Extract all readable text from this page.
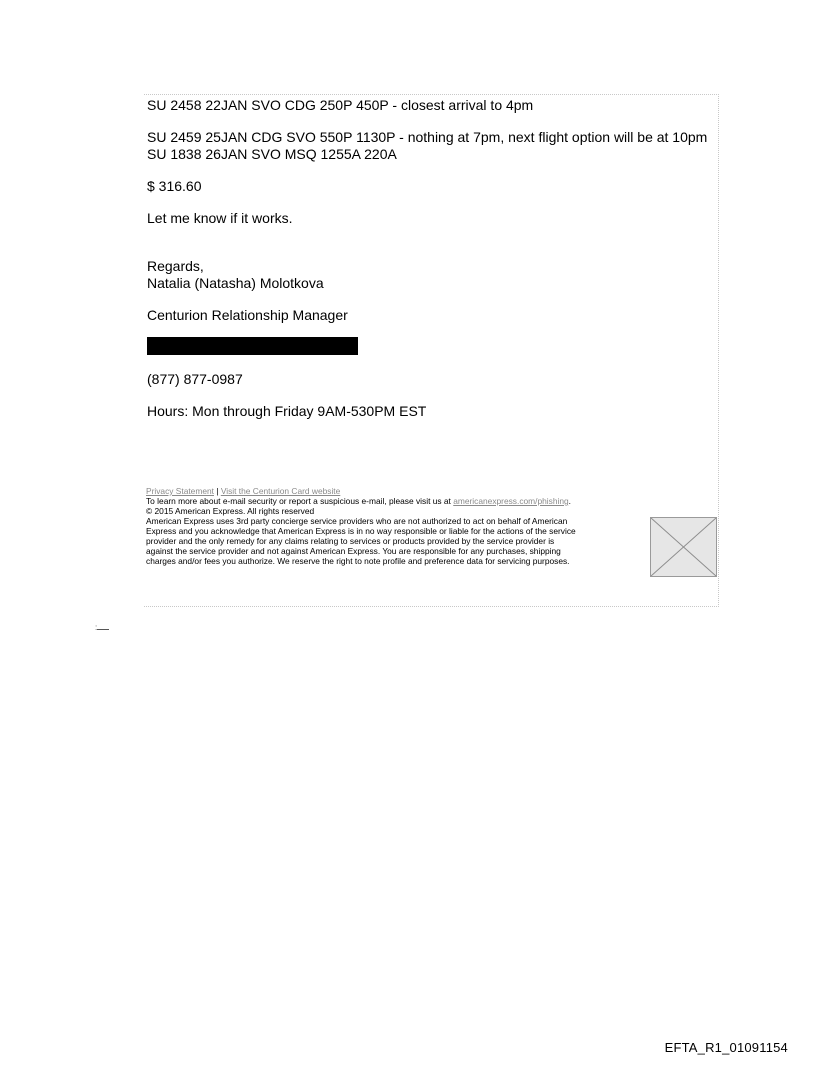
SU 2458 22JAN SVO CDG 250P 450P - closest arrival to 4pm

SU 2459 25JAN CDG SVO 550P 1130P - nothing at 7pm, next flight option will be at 10pm

SU 1838 26JAN SVO MSQ 1255A 220A

$ 316.60

Let me know if it works.

Regards,

Natalia (Natasha) Molotkova

Centurion Relationship Manager

(877) 877-0987

Hours: Mon through Friday 9AM-530PM EST

Privacy Statement | Visit the Centurion Card website
To learn more about e-mail security or report a suspicious e-mail, please visit us at americanexpress.com/phishing.
© 2015 American Express. All rights reserved
American Express uses 3rd party concierge service providers who are not authorized to act on behalf of American
Express and you acknowledge that American Express is in no way responsible or liable for the actions of the service
provider and the only remedy for any claims relating to services or products provided by the service provider is
against the service provider and not against American Express. You are responsible for any purchases, shipping
charges and/or fees you authorize. We reserve the right to note profile and preference data for servicing purposes.
:
EFTA_R1_01091154
